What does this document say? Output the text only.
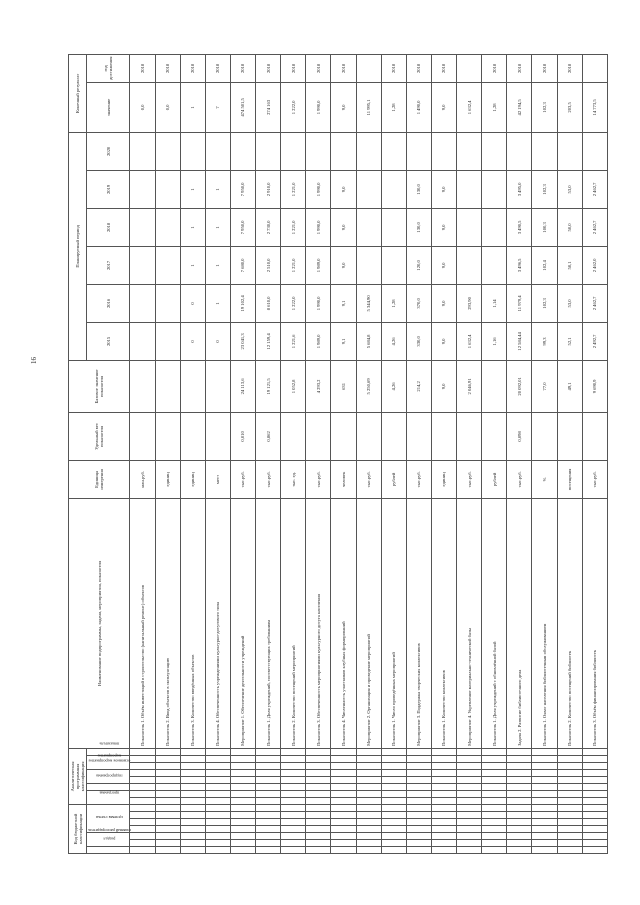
16
Код бюджетной классификации							Аналитическая программная классификация								Наименование подпрограммы, задачи, мероприятия, показателя	Единица измерения	Удельный вес показателя	Базовое значение показателя	Планируемый период						Конечный результат	
главный распорядитель	раздел		целевая статья				программа		подпрограмма	основное мероприятие		мероприятие		показатель					2015	2016	2017	2018	2019	2020	значение	год достижения
															Показатель 1. Объём инвестиций в строительство (капитальный ремонт) объектов	млн.руб.									0,0	2018
															Показатель 2. Ввод объектов в эксплуатацию	единиц									0,0	2018
															Показатель 3. Количество введённых объектов	единиц			0	0	1	1	1		1	2018
															Показатель 4. Обеспеченность учреждениями культурно-досугового типа	мест			0	1	1	1	1		7	2018
															Мероприятие 1. Обеспечение деятельности учреждений	тыс.руб.	0,010	24 113,6	23 041,3	19 102,4	7 680,0	7 950,0	7 950,0		474 501,5	2018
															Показатель 1. Доля учреждений, соответствующих требованиям	тыс.руб.	0,862	19 121,5	12 159,4	8 610,0	2 510,0	2 730,0	2 910,0		274 163	2018
															Показатель 2. Количество посещений мероприятий	тыс. ед.		1 052,8	1 221,6	1 222,0	1 221,0	1 221,0	1 221,0		1 222,0	2018
															Показатель 3. Обеспеченность мероприятиями культурного досуга населения	тыс.руб.		4 293,2	1 989,0	1 990,0	1 989,0	1 990,0	1 990,0		1 990,0	2018
															Показатель 4. Численность участников клубных формирований	человек		631	9,1	9,1	9,0	9,0	9,0		9,0	2018
															Мероприятие 2. Организация и проведение мероприятий	тыс.руб.		5 250,69	5 684,8	5 344,90					11 995,1	
															Показатель 1. Число проведённых мероприятий	рублей		4,26	4,26	1,28					1,28	2018
															Мероприятие 3. Поддержка творческих коллективов	тыс.руб.		214,2	330,0	370,0	120,0	130,0	130,0		1 490,0	2018
															Показатель 1. Количество коллективов	единиц		9,0	9,0	9,0	9,0	9,0	9,0		9,0	2018
															Мероприятие 4. Укрепление материально-технической базы	тыс.руб.		2 046,91	1 632,4	293,90					1 632,4	
															Показатель 1. Доля учреждений с обновлённой базой	рублей			1,16	1,14					1,28	2018
															Задача 2. Развитие библиотечного дела	тыс.руб.	0,098	20 092,01	12 584,44	11 979,4	3 496,5	3 490,5	3 495,0		42 194,5	2018
															Показатель 1. Охват населения библиотечным обслуживанием	%		77,0	99,3	102,3	102,4	100,3	102,3		102,3	2018
															Показатель 2. Количество посещений библиотек	посещения		49,1	52,1	53,0	50,1	50,0	53,0		203,5	2018
															Показатель 3. Объём финансирования библиотек	тыс.руб.		9 690,9	2 492,7	2 462,7	2 462,0	2 462,7	2 462,7		14 773,5	
